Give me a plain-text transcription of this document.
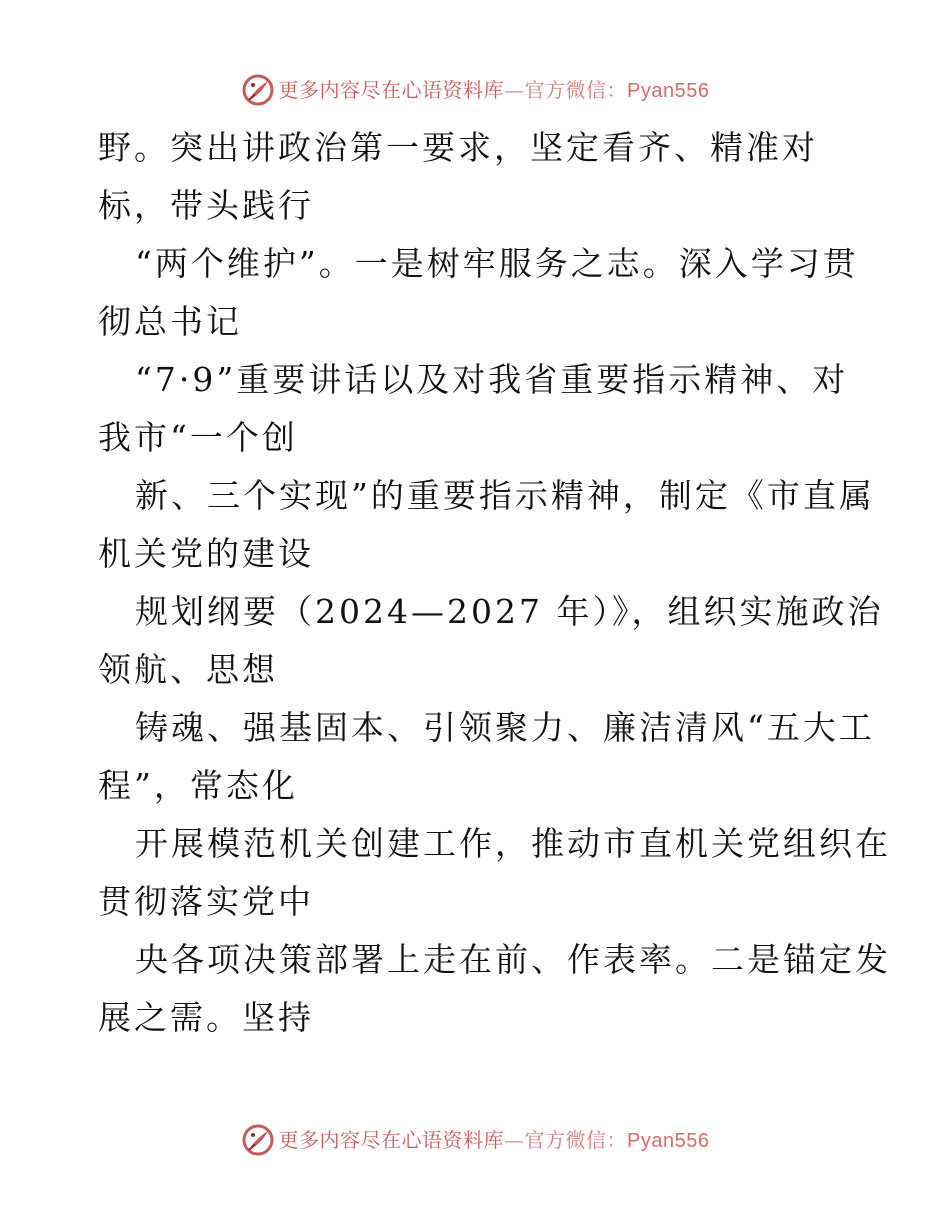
更多内容尽在心语资料库—官方微信：Pyan556
野。突出讲政治第一要求，坚定看齐、精准对
标，带头践行
“两个维护”。一是树牢服务之志。深入学习贯
彻总书记
“7·9”重要讲话以及对我省重要指示精神、对
我市“一个创
新、三个实现”的重要指示精神，制定《市直属
机关党的建设
规划纲要（2024—2027 年）》，组织实施政治
领航、思想
铸魂、强基固本、引领聚力、廉洁清风“五大工
程”，常态化
开展模范机关创建工作，推动市直机关党组织在
贯彻落实党中
央各项决策部署上走在前、作表率。二是锚定发
展之需。坚持
更多内容尽在心语资料库—官方微信：Pyan556
